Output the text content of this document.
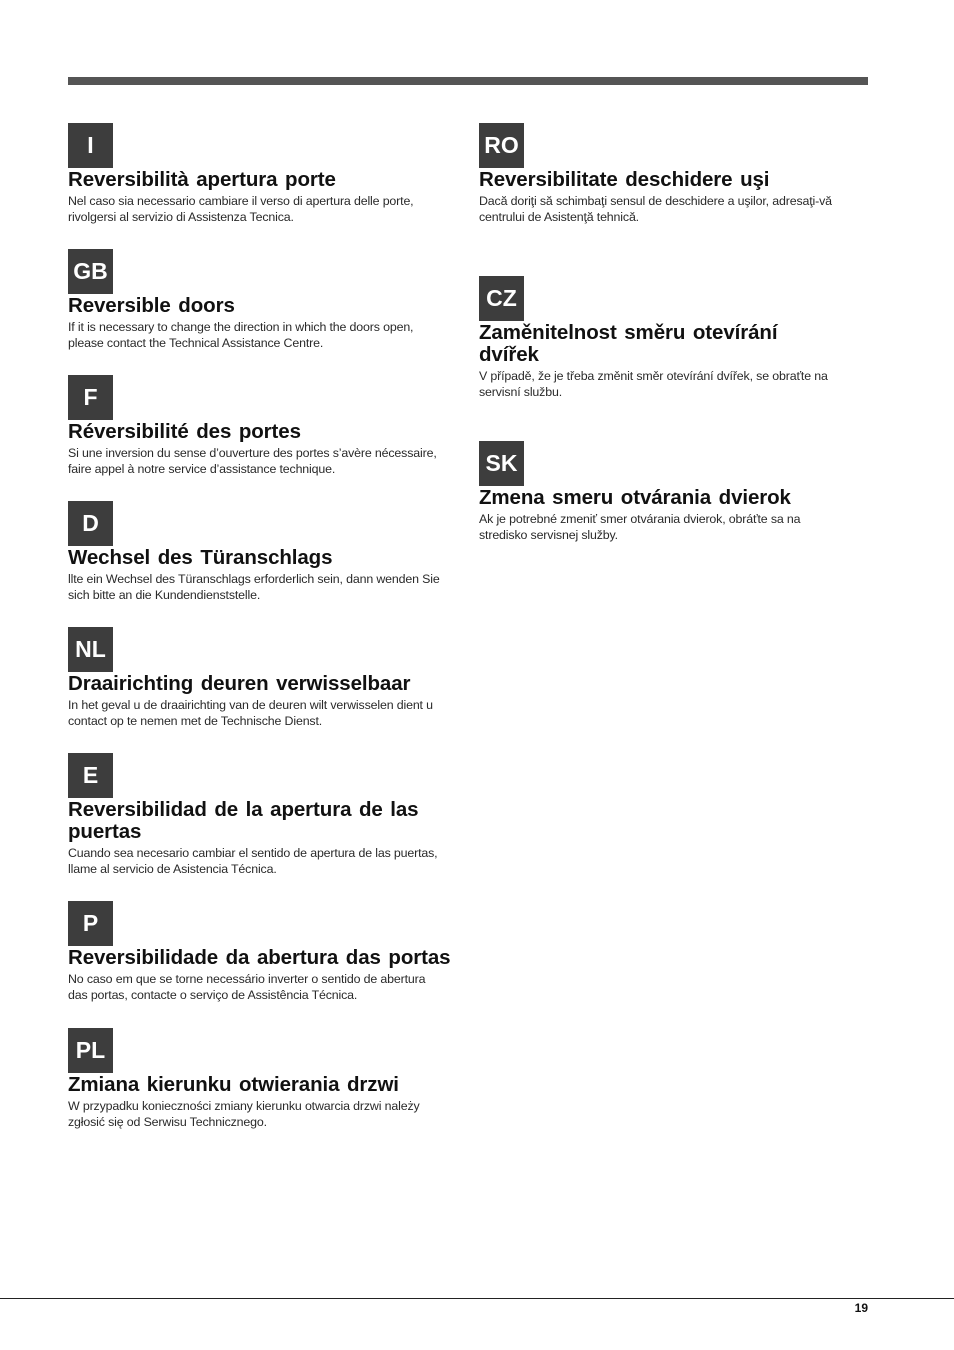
I
Reversibilità apertura porte

Nel caso sia necessario cambiare il verso di apertura delle porte,
rivolgersi al servizio di Assistenza Tecnica.

GB
Reversible doors

If it is necessary to change the direction in which the doors open,
please contact the Technical Assistance Centre.

F
Réversibilité des portes

Si une inversion du sense d’ouverture des portes s’avère nécessaire,
faire appel à notre service d’assistance technique.

D
Wechsel des Türanschlags

llte ein Wechsel des Türanschlags erforderlich sein, dann wenden Sie
sich bitte an die Kundendienststelle.

NL
Draairichting deuren verwisselbaar

In het geval u de draairichting van de deuren wilt verwisselen dient u
contact op te nemen met de Technische Dienst.

E
Reversibilidad de la apertura de las puertas

Cuando sea necesario cambiar el sentido de apertura de las puertas,
llame al servicio de Asistencia Técnica.

P
Reversibilidade da abertura das portas

No caso em que se torne necessário inverter o sentido de abertura
das portas, contacte o serviço de Assistência Técnica.

PL
Zmiana kierunku otwierania drzwi

W przypadku konieczności zmiany kierunku otwarcia drzwi należy
zgłosić się od Serwisu Technicznego.

RO
Reversibilitate deschidere uşi

Dacă doriţi să schimbaţi sensul de deschidere a uşilor, adresaţi-vă
centrului de Asistenţă tehnică.

CZ
Zaměnitelnost směru otevírání dvířek

V případě, že je třeba změnit směr otevírání dvířek, se obraťte na
servisní službu.

SK
Zmena smeru otvárania dvierok

Ak je potrebné zmeniť smer otvárania dvierok, obráťte sa na
stredisko servisnej služby.

19
